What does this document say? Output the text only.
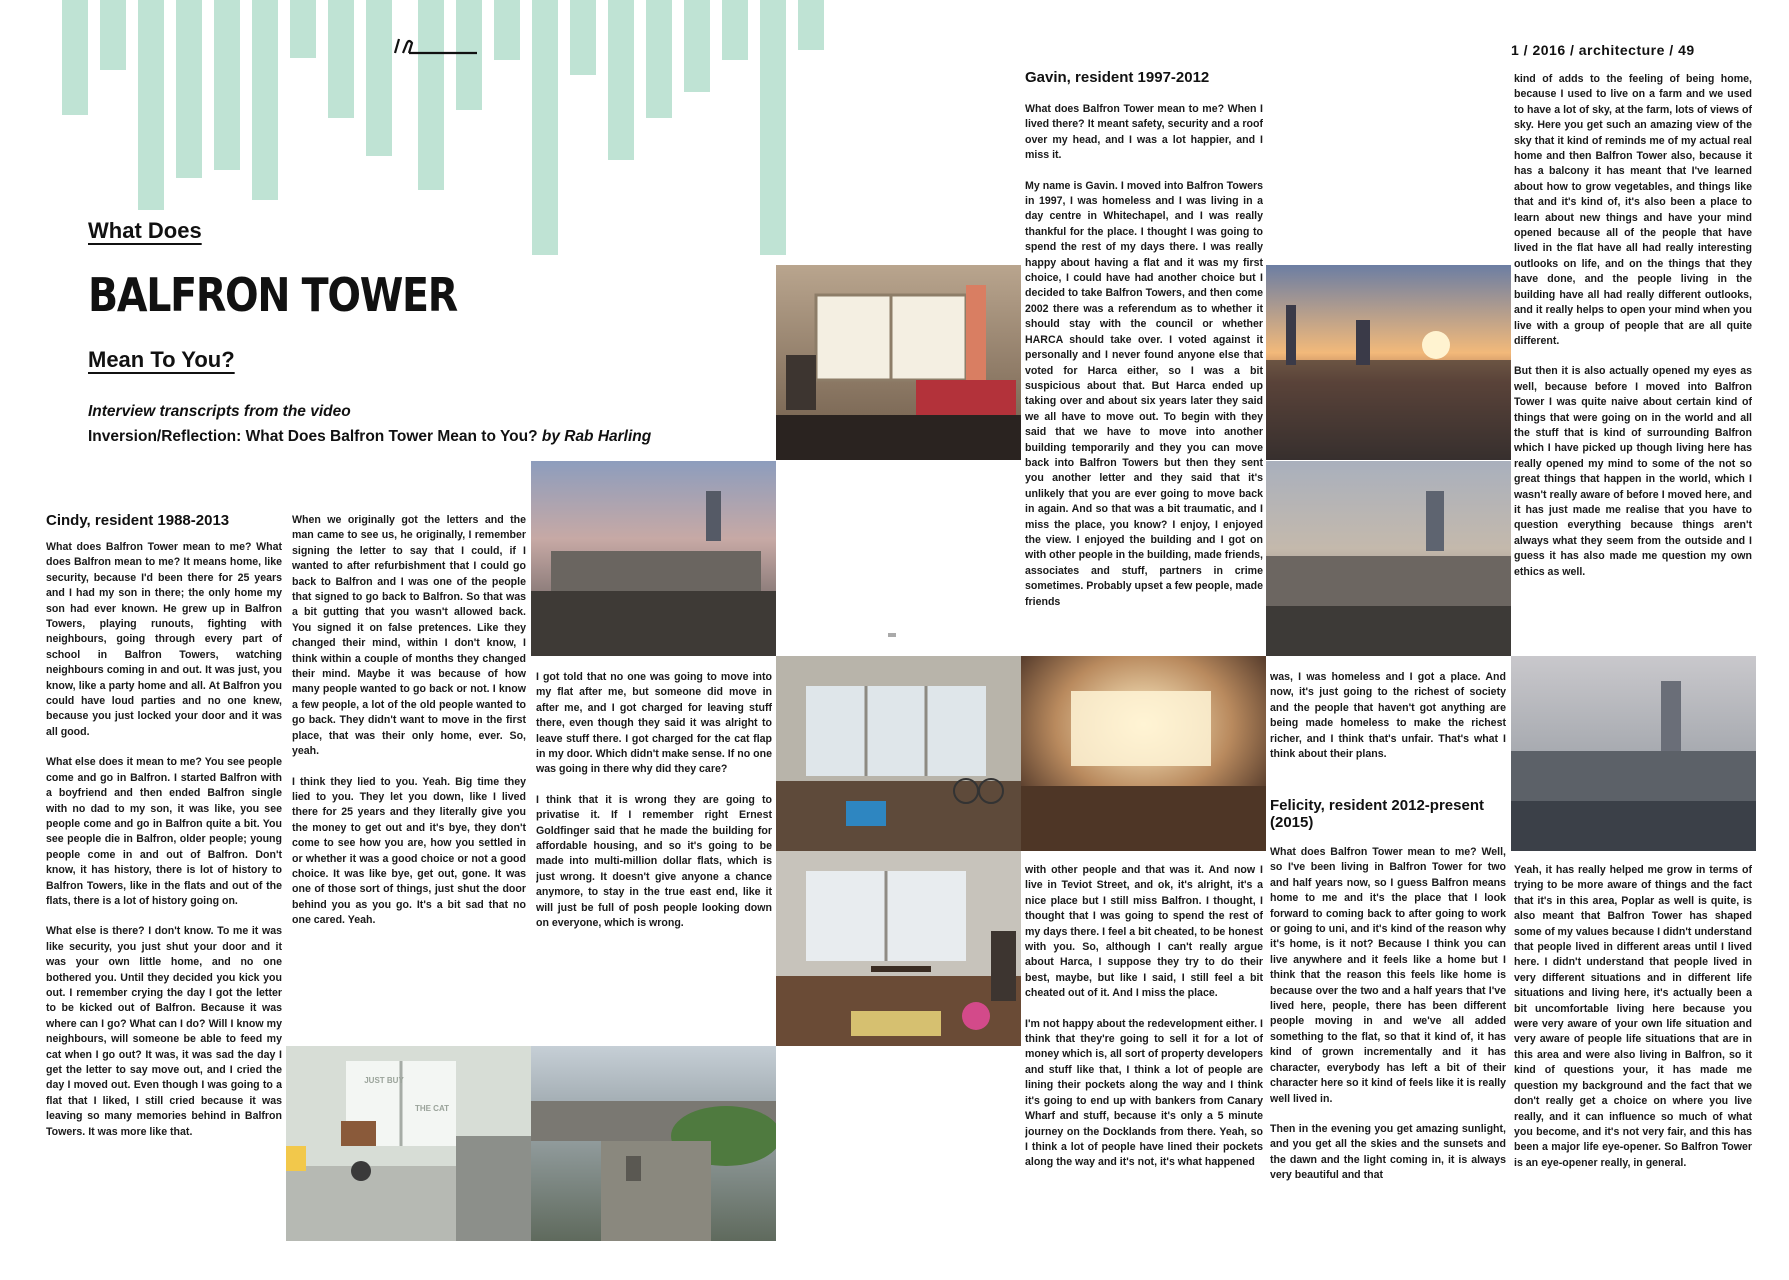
1 / 2016 / architecture / 49
What Does
BALFRON TOWER
Mean To You?
Interview transcripts from the video
Inversion/Reflection: What Does Balfron Tower Mean to You? by Rab Harling
Cindy, resident 1988-2013

What does Balfron Tower mean to me? What does Balfron mean to me? It means home, like security, because I'd been there for 25 years and I had my son in there; the only home my son had ever known. He grew up in Balfron Towers, playing runouts, fighting with neighbours, going through every part of school in Balfron Towers, watching neighbours coming in and out. It was just, you know, like a party home and all. At Balfron you could have loud parties and no one knew, because you just locked your door and it was all good.

What else does it mean to me? You see people come and go in Balfron. I started Balfron with a boyfriend and then ended Balfron single with no dad to my son, it was like, you see people come and go in Balfron quite a bit. You see people die in Balfron, older people; young people come in and out of Balfron. Don't know, it has history, there is lot of history to Balfron Towers, like in the flats and out of the flats, there is a lot of history going on.

What else is there? I don't know. To me it was like security, you just shut your door and it was your own little home, and no one bothered you. Until they decided you kick you out. I remember crying the day I got the letter to be kicked out of Balfron. Because it was where can I go? What can I do? Will I know my neighbours, will someone be able to feed my cat when I go out? It was, it was sad the day I get the letter to say move out, and I cried the day I moved out. Even though I was going to a flat that I liked, I still cried because it was leaving so many memories behind in Balfron Towers. It was more like that.

When we originally got the letters and the man came to see us, he originally, I remember signing the letter to say that I could, if I wanted to after refurbishment that I could go back to Balfron and I was one of the people that signed to go back to Balfron. So that was a bit gutting that you wasn't allowed back. You signed it on false pretences. Like they changed their mind, within I don't know, I think within a couple of months they changed their mind. Maybe it was because of how many people wanted to go back or not. I know a few people, a lot of the old people wanted to go back. They didn't want to move in the first place, that was their only home, ever. So, yeah.

I think they lied to you. Yeah. Big time they lied to you. They let you down, like I lived there for 25 years and they literally give you the money to get out and it's bye, they don't come to see how you are, how you settled in or whether it was a good choice or not a good choice. It was like bye, get out, gone. It was one of those sort of things, just shut the door behind you as you go. It's a bit sad that no one cared. Yeah.

I got told that no one was going to move into my flat after me, but someone did move in after me, and I got charged for leaving stuff there, even though they said it was alright to leave stuff there. I got charged for the cat flap in my door. Which didn't make sense. If no one was going in there why did they care?

I think that it is wrong they are going to privatise it. If I remember right Ernest Goldfinger said that he made the building for affordable housing, and so it's going to be made into multi-million dollar flats, which is just wrong. It doesn't give anyone a chance anymore, to stay in the true east end, like it will just be full of posh people looking down on everyone, which is wrong.

Gavin, resident 1997-2012

What does Balfron Tower mean to me? When I lived there? It meant safety, security and a roof over my head, and I was a lot happier, and I miss it.

My name is Gavin. I moved into Balfron Towers in 1997, I was homeless and I was living in a day centre in Whitechapel, and I was really thankful for the place. I thought I was going to spend the rest of my days there. I was really happy about having a flat and it was my first choice, I could have had another choice but I decided to take Balfron Towers, and then come 2002 there was a referendum as to whether it should stay with the council or whether HARCA should take over. I voted against it personally and I never found anyone else that voted for Harca either, so I was a bit suspicious about that. But Harca ended up taking over and about six years later they said we all have to move out. To begin with they said that we have to move into another building temporarily and they you can move back into Balfron Towers but then they sent you another letter and they said that it's unlikely that you are ever going to move back in again. And so that was a bit traumatic, and I miss the place, you know? I enjoy, I enjoyed the view. I enjoyed the building and I got on with other people in the building, made friends, associates and stuff, partners in crime sometimes. Probably upset a few people, made friends

with other people and that was it. And now I live in Teviot Street, and ok, it's alright, it's a nice place but I still miss Balfron. I thought, I thought that I was going to spend the rest of my days there. I feel a bit cheated, to be honest with you. So, although I can't really argue about Harca, I suppose they try to do their best, maybe, but like I said, I still feel a bit cheated out of it. And I miss the place.

I'm not happy about the redevelopment either. I think that they're going to sell it for a lot of money which is, all sort of property developers and stuff like that, I think a lot of people are lining their pockets along the way and I think it's going to end up with bankers from Canary Wharf and stuff, because it's only a 5 minute journey on the Docklands from there. Yeah, so I think a lot of people have lined their pockets along the way and it's not, it's what happened

was, I was homeless and I got a place. And now, it's just going to the richest of society and the people that haven't got anything are being made homeless to make the richest richer, and I think that's unfair. That's what I think about their plans.

Felicity, resident 2012-present (2015)

What does Balfron Tower mean to me? Well, so I've been living in Balfron Tower for two and half years now, so I guess Balfron means home to me and it's the place that I look forward to coming back to after going to work or going to uni, and it's kind of the reason why it's home, is it not? Because I think you can live anywhere and it feels like a home but I think that the reason this feels like home is because over the two and a half years that I've lived here, people, there has been different people moving in and we've all added something to the flat, so that it kind of, it has kind of grown incrementally and it has character, everybody has left a bit of their character here so it kind of feels like it is really well lived in.

Then in the evening you get amazing sunlight, and you get all the skies and the sunsets and the dawn and the light coming in, it is always very beautiful and that

kind of adds to the feeling of being home, because I used to live on a farm and we used to have a lot of sky, at the farm, lots of views of sky. Here you get such an amazing view of the sky that it kind of reminds me of my actual real home and then Balfron Tower also, because it has a balcony it has meant that I've learned about how to grow vegetables, and things like that and it's kind of, it's also been a place to learn about new things and have your mind opened because all of the people that have lived in the flat have all had really interesting outlooks on life, and on the things that they have done, and the people living in the building have all had really different outlooks, and it really helps to open your mind when you live with a group of people that are all quite different.

But then it is also actually opened my eyes as well, because before I moved into Balfron Tower I was quite naive about certain kind of things that were going on in the world and all the stuff that is kind of surrounding Balfron which I have picked up though living here has really opened my mind to some of the not so great things that happen in the world, which I wasn't really aware of before I moved here, and it has just made me realise that you have to question everything because things aren't always what they seem from the outside and I guess it has also made me question my own ethics as well.

Yeah, it has really helped me grow in terms of trying to be more aware of things and the fact that it's in this area, Poplar as well is quite, is also meant that Balfron Tower has shaped some of my values because I didn't understand that people lived in different areas until I lived here. I didn't understand that people lived in very different situations and in different life situations and living here, it's actually been a bit uncomfortable living here because you were very aware of your own life situation and very aware of people life situations that are in this area and were also living in Balfron, so it kind of questions your, it has made me question my background and the fact that we don't really get a choice on where you live really, and it can influence so much of what you become, and it's not very fair, and this has been a major life eye-opener. So Balfron Tower is an eye-opener really, in general.

JUST BUY
THE CAT
